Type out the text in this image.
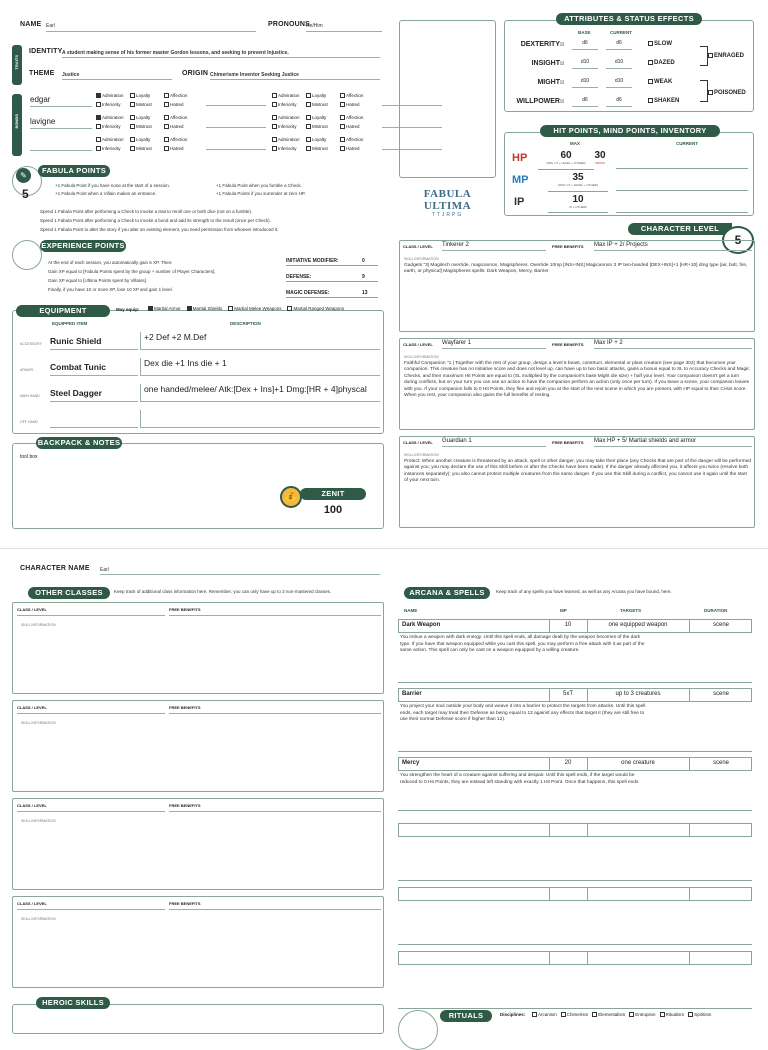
NAME Earl	PRONOUNS
He/Him
TRAITS
IDENTITY A student making sense of his former master Gordon lessons, and seeking to prevent Injustice.
THEME Justice	ORIGIN Chimerisme Inventor Seeking Justice
BONDS
edgar	Admiration	Loyalty	Affection
Inferiority	Mistrust	Hatred
Admiration	Loyalty	Affection
Inferiority	Mistrust	Hatred
lavigne	Admiration	Loyalty	Affection
Inferiority	Mistrust	Hatred
Admiration	Loyalty	Affection
Inferiority	Mistrust	Hatred
Admiration	Loyalty	Affection
Inferiority	Mistrust	Hatred
Admiration	Loyalty	Affection
Inferiority	Mistrust	Hatred
✎
FABULA POINTS
5
+1 Fabula Point if you have none at the start of a session.
+1 Fabula Point when a Villain makes an entrance.
+1 Fabula Point when you fumble a Check.
+1 Fabula Points if you surrender at zero HP.
Spend 1 Fabula Point after performing a Check to invoke a trait to reroll one or both dice (not on a fumble).
Spend 1 Fabula Point after performing a Check to invoke a bond and add its strength to the result (once per Check).
Spend 1 Fabula Point to alter the story if you alter an existing element, you need permission from whoever introduced it.
EXPERIENCE POINTS
At the end of each session, you automatically gain 5 XP. Then:
Gain XP equal to [Fabula Points spent by the group + number of Player Characters].
Gain XP equal to [Ultima Points spent by Villains].
Finally, if you have 10 or more XP, lose 10 XP and gain 1 level.
INITIATIVE MODIFIER:	0
DEFENSE:	9
MAGIC DEFENSE:	13
EQUIPMENT	May equip:	Martial Armor	Martial Shields	Martial Melee Weapons	Martial Ranged Weapons
EQUIPPED ITEM	DESCRIPTION
ACCESSORY Runic Shield	+2 Def +2 M.Def
ARMOR Combat Tunic	Dex die +1 Ins die + 1
MAIN HAND Steel Dagger	one handed/melee/ Atk:[Dex + Ins]+1 Dmg:[HR + 4]physcal
OFF HAND
BACKPACK & NOTES
tool box
💰	ZENIT
100
FABULA ULTIMA
TTJRPG
ATTRIBUTES & STATUS EFFECTS
BASE	CURRENT
DEXTERITY ⚄	d6	d6	SLOW
INSIGHT ⚄	d10	d10	DAZED
MIGHT ⚄	d10	d10	WEAK
WILLPOWER ⚄	d6	d6	SHAKEN
ENRAGED
POISONED
HIT POINTS, MIND POINTS, INVENTORY POINTS
MAX	CURRENT
HP	60
(MIG x 5 + LEVEL + OTHER)
30
CRISIS
MP	35
(WLP x 5 + LEVEL + OTHER)
IP	10
(6 + OTHER)
CHARACTER LEVEL
5
CLASS / LEVEL Tinkerer 2	FREE BENEFITS Max IP + 2/ Projects
SKILL INFORMATION
Gadgets "3| Magitech override, magicannon, Magispheres. Override 10mp [INS+INS] Magicannon 3 IP two-handed [DEX+INS]+1 [HR+10] dmg type [air, bolt, fire, earth, or physical] Magispheres spells: Dark Weapon, Mercy, Barrier
CLASS / LEVEL Wayfarer 1	FREE BENEFITS Max IP + 2
SKILL INFORMATION
Faithful Companion "1 | Together with the rest of your group, design a level 5 beast, construct, elemental or plant creature (see page 302) that becomes your companion. This creature has no Initiative score and does not level up, can have up to two basic attacks, gains a bonus equal to SL to Accuracy Checks and Magic Checks, and their maximum Hit Points are equal to (SL multiplied by the companion's base Might die size) + half your level. Your companion doesn't get a turn during conflicts, but on your turn you can use an action to have the companion perform an action (only once per turn). If you leave a scene, your companion leaves with you. If your companion falls to 0 Hit Points, they flee and rejoin you at the start of the next scene in which you are present, with HP equal to their Crisis score. When you rest, your companion also gains the full benefits of resting.
CLASS / LEVEL Guardian 1	FREE BENEFITS Max HP + 5/ Martial shields and armor
SKILL INFORMATION
Protect: When another creature is threatened by an attack, spell or other danger, you may take their place (any Checks that are part of the danger will be performed against you; you may declare the use of this Skill before or after the Checks have been made). If the danger already affected you, it affects you twice (resolve both instances separately); you also cannot protect multiple creatures from the same danger. If you use this Skill during a conflict, you cannot use it again until the start of your next turn.
CHARACTER NAME Earl
OTHER CLASSES	Keep track of additional class information here. Remember, you can only have up to 3 non-mastered classes.
CLASS / LEVEL	FREE BENEFITS
SKILL INFORMATION
CLASS / LEVEL	FREE BENEFITS
SKILL INFORMATION
CLASS / LEVEL	FREE BENEFITS
SKILL INFORMATION
CLASS / LEVEL	FREE BENEFITS
SKILL INFORMATION
HEROIC SKILLS
ARCANA & SPELLS	Keep track of any spells you have learned, as well as any Arcana you have bound, here.
NAME	MP	TARGETS	DURATION
Dark Weapon	10	one equipped weapon	scene
You imbue a weapon with dark energy. Until this spell ends, all damage dealt by the weapon becomes of the dark type. If you have that weapon equipped while you cast this spell, you may perform a free attack with it as part of the same action. This spell can only be cast on a weapon equipped by a willing creature.
Barrier	5xT	up to 3 creatures	scene
You project your soul outside your body and weave it into a barrier to protect the targets from attacks. Until this spell ends, each target may treat their Defense as being equal to 12 against any effects that target it (they are still free to use their normal Defense score if higher than 12).
Mercy	20	one creature	scene
You strengthen the heart of a creature against suffering and despair. Until this spell ends, if the target would be reduced to 0 Hit Points, they are instead left standing with exactly 1 Hit Point. Once that happens, this spell ends
RITUALS	Disciplines:	Arcanism Chimerism Elementalism Entropism Ritualism Spiritism
